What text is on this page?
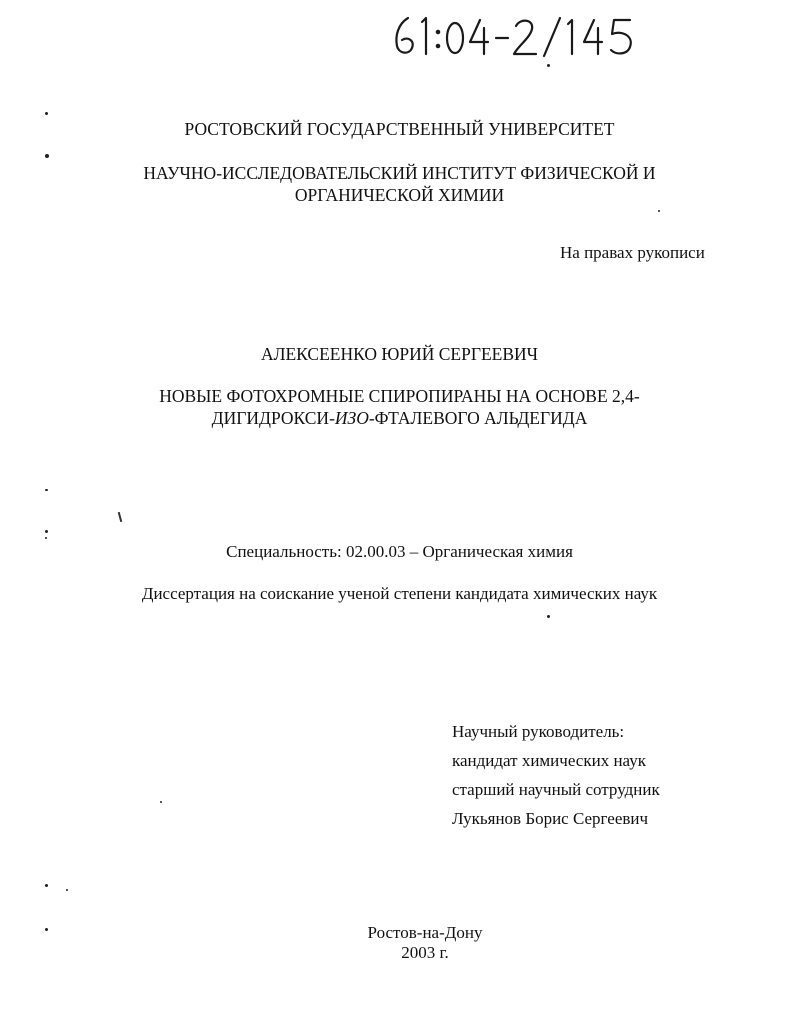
61:04-2/145
РОСТОВСКИЙ ГОСУДАРСТВЕННЫЙ УНИВЕРСИТЕТ
НАУЧНО-ИССЛЕДОВАТЕЛЬСКИЙ ИНСТИТУТ ФИЗИЧЕСКОЙ И
ОРГАНИЧЕСКОЙ ХИМИИ
На правах рукописи
АЛЕКСЕЕНКО ЮРИЙ СЕРГЕЕВИЧ
НОВЫЕ ФОТОХРОМНЫЕ СПИРОПИРАНЫ НА ОСНОВЕ 2,4-
ДИГИДРОКСИ-ИЗО-ФТАЛЕВОГО АЛЬДЕГИДА
Специальность: 02.00.03 – Органическая химия
Диссертация на соискание ученой степени кандидата химических наук
Научный руководитель:
кандидат химических наук
старший научный сотрудник
Лукьянов Борис Сергеевич
Ростов-на-Дону
2003 г.
